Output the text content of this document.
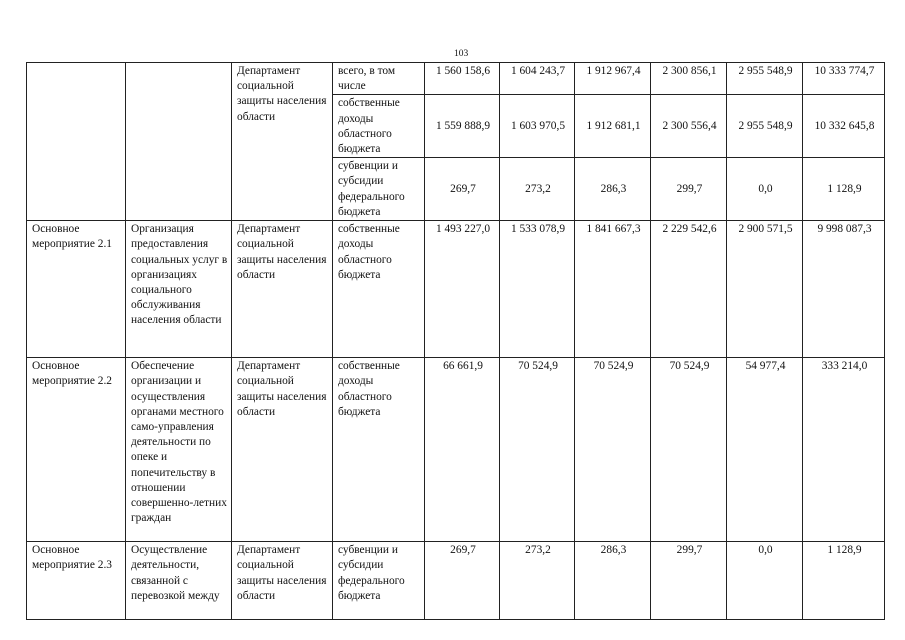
103
		Департамент социальной защиты населения области	всего, в том числе	1 560 158,6	1 604 243,7	1 912 967,4	2 300 856,1	2 955 548,9	10 333 774,7
			собственные доходы областного бюджета	1 559 888,9	1 603 970,5	1 912 681,1	2 300 556,4	2 955 548,9	10 332 645,8
			субвенции и субсидии федерального бюджета	269,7	273,2	286,3	299,7	0,0	1 128,9
Основное мероприятие 2.1	Организация предоставления социальных услуг в организациях социального обслуживания населения области	Департамент социальной защиты населения области	собственные доходы областного бюджета	1 493 227,0	1 533 078,9	1 841 667,3	2 229 542,6	2 900 571,5	9 998 087,3
Основное мероприятие 2.2	Обеспечение организации и осуществления органами местного само-управления деятельности по опеке и попечительству в отношении совершенно-летних граждан	Департамент социальной защиты населения области	собственные доходы областного бюджета	66 661,9	70 524,9	70 524,9	70 524,9	54 977,4	333 214,0
Основное мероприятие 2.3	Осуществление деятельности, связанной с перевозкой между	Департамент социальной защиты населения области	субвенции и субсидии федерального бюджета	269,7	273,2	286,3	299,7	0,0	1 128,9
